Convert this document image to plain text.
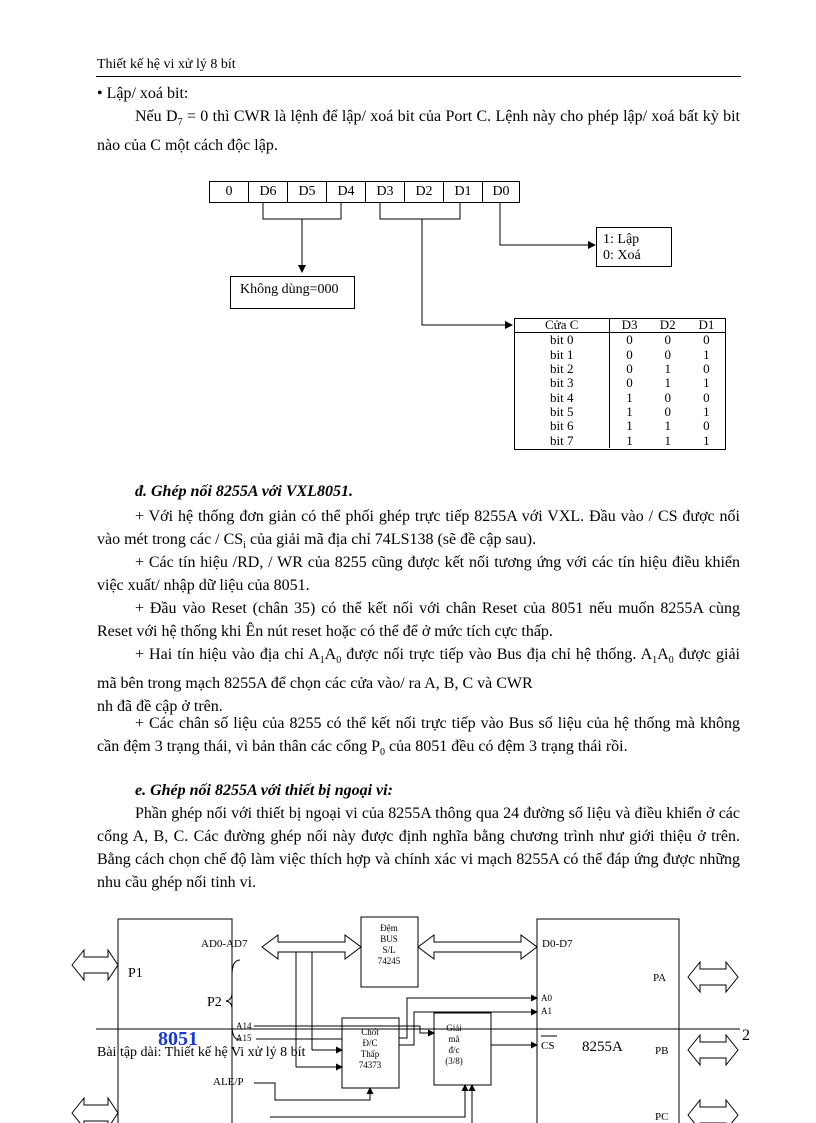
Thiết kế hệ vi xử lý 8 bít
• Lập/ xoá bit:
Nếu $D_7 = 0$ thì CWR là lệnh để lập/ xoá bit của Port C. Lệnh này cho phép lập/ xoá bất kỳ bit nào của C một cách độc lập.
0	D6	D5	D4	D3	D2	D1	D0
Không dùng=000
1: Lập
0: Xoá
Cửa C	D3	D2	D1
bit 0	0	0	0
bit 1	0	0	1
bit 2	0	1	0
bit 3	0	1	1
bit 4	1	0	0
bit 5	1	0	1
bit 6	1	1	0
bit 7	1	1	1
đ. Ghép nối 8255A với VXL8051.
+ Với hệ thống đơn giản có thể phối ghép trực tiếp 8255A với VXL. Đầu vào / CS được nối vào mét trong các / $CS_i$ của giải mã địa chỉ 74LS138 (sẽ đề cập sau).
+ Các tín hiệu /RD, / WR của 8255 cũng được kết nối tương ứng với các tín hiệu điều khiển việc xuất/ nhập dữ liệu của 8051.
+ Đầu vào Reset (chân 35) có thể kết nối với chân Reset của 8051 nếu muốn 8255A cùng Reset với hệ thống khi Ên nút reset hoặc có thể để ở mức tích cực thấp.
+ Hai tín hiệu vào địa chỉ $A_1A_0$ được nối trực tiếp vào Bus địa chỉ hệ thống. $A_1A_0$ được giải mã bên trong mạch 8255A để chọn các cửa vào/ ra A, B, C và CWR
nh đã đề cập ở trên.
+ Các chân số liệu của 8255 có thể kết nối trực tiếp vào Bus số liệu của hệ thống mà không cần đệm 3 trạng thái, vì bản thân các cổng $P_0$ của 8051 đều có đệm 3 trạng thái rồi.
e. Ghép nối 8255A với thiết bị ngoại vi:
Phần ghép nối với thiết bị ngoại vi của 8255A thông qua 24 đường số liệu và điều khiển ở các cổng A, B, C. Các đường ghép nối này được định nghĩa bằng chương trình như giới thiệu ở trên. Bằng cách chọn chế độ làm việc thích hợp và chính xác vi mạch 8255A có thể đáp ứng được những nhu cầu ghép nối tinh vi.
P1
P2
AD0-AD7
A14
A15
ALE/P
8051
Đệm
BUS
S/L
74245
Chốt
Đ/C
Thấp
74373
Giải
mã
đ/c
(3/8)
D0-D7
A0
A1
CS 8255A
PA
PB
PC
Bài tập dài: Thiết kế hệ Vi xử lý 8 bít
2
